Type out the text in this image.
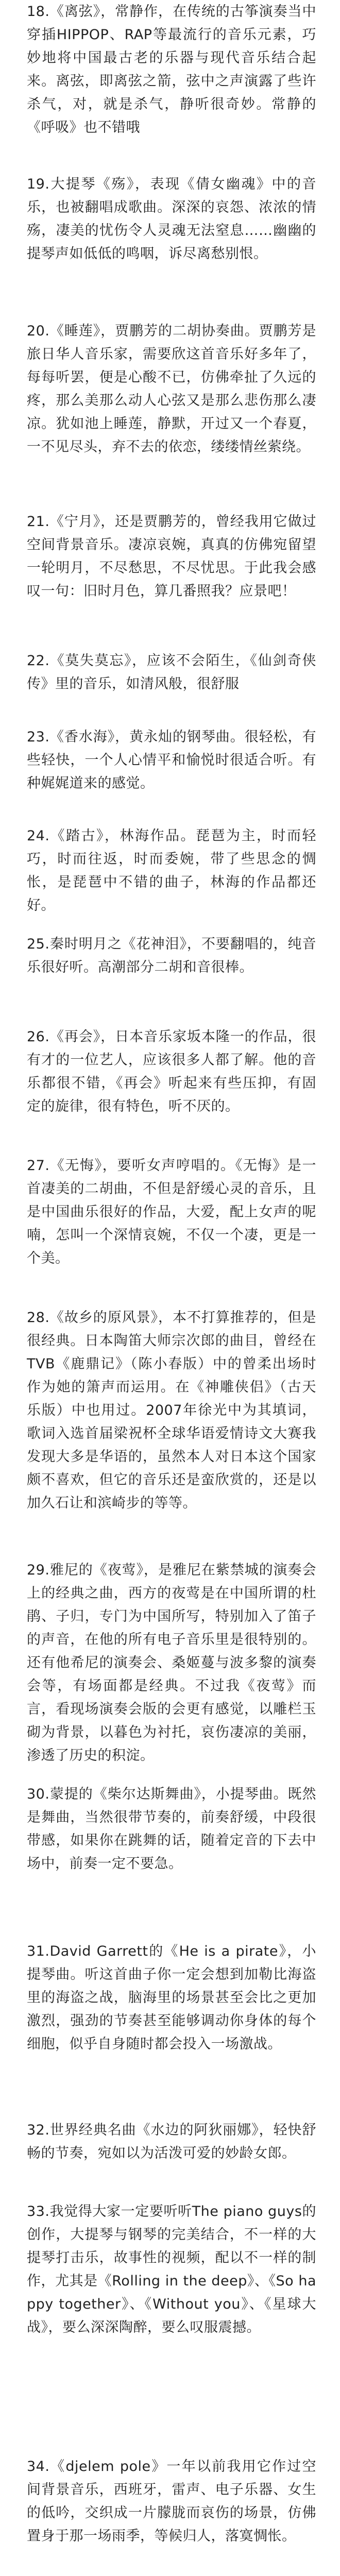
18.《离弦》，常静作，在传统的古筝演奏当中穿插HIPPOP、RAP等最流行的音乐元素，巧妙地将中国最古老的乐器与现代音乐结合起来。离弦，即离弦之箭，弦中之声演露了些许杀气，对，就是杀气，静听很奇妙。常静的《呼吸》也不错哦

19.大提琴《殇》，表现《倩女幽魂》中的音乐，也被翻唱成歌曲。深深的哀怨、浓浓的情殇，凄美的忧伤令人灵魂无法窒息……幽幽的提琴声如低低的鸣咽，诉尽离愁别恨。

20.《睡莲》，贾鹏芳的二胡协奏曲。贾鹏芳是旅日华人音乐家，需要欣这首音乐好多年了，每每听罢，便是心酸不已，仿佛牵扯了久远的疼，那么美那么动人心弦又是那么悲伤那么凄凉。犹如池上睡莲，静默，开过又一个春夏，一不见尽头，弃不去的依恋，缕缕情丝萦绕。

21.《宁月》，还是贾鹏芳的，曾经我用它做过空间背景音乐。凄凉哀婉，真真的仿佛宛留望一轮明月，不尽愁思，不尽忧思。于此我会感叹一句：旧时月色，算几番照我？应景吧！

22.《莫失莫忘》，应该不会陌生，《仙剑奇侠传》里的音乐，如清风般，很舒服

23.《香水海》，黄永灿的钢琴曲。很轻松，有些轻快，一个人心情平和愉悦时很适合听。有种娓娓道来的感觉。

24.《踏古》，林海作品。琵琶为主，时而轻巧，时而往返，时而委婉，带了些思念的惆怅，是琵琶中不错的曲子，林海的作品都还好。

25.秦时明月之《花神泪》，不要翻唱的，纯音乐很好听。高潮部分二胡和音很棒。

26.《再会》，日本音乐家坂本隆一的作品，很有才的一位艺人，应该很多人都了解。他的音乐都很不错，《再会》听起来有些压抑，有固定的旋律，很有特色，听不厌的。

27.《无悔》，要听女声哼唱的。《无悔》是一首凄美的二胡曲，不但是舒缓心灵的音乐，且是中国曲乐很好的作品，大爱，配上女声的呢喃，怎叫一个深情哀婉，不仅一个凄，更是一个美。

28.《故乡的原风景》，本不打算推荐的，但是很经典。日本陶笛大师宗次郎的曲目，曾经在TVB《鹿鼎记》（陈小春版）中的曾柔出场时作为她的箫声而运用。在《神雕侠侣》（古天乐版）中也用过。2007年徐光中为其填词，歌词入选首届梁祝杯全球华语爱情诗文大赛我发现大多是华语的，虽然本人对日本这个国家颇不喜欢，但它的音乐还是蛮欣赏的，还是以加久石让和滨崎步的等等。

29.雅尼的《夜莺》，是雅尼在紫禁城的演奏会上的经典之曲，西方的夜莺是在中国所谓的杜鹃、子归，专门为中国所写，特别加入了笛子的声音，在他的所有电子音乐里是很特别的。还有他希尼的演奏会、桑姬蔓与波多黎的演奏会等，有场面都是经典。不过我《夜莺》而言，看现场演奏会版的会更有感觉，以雕栏玉砌为背景，以暮色为衬托，哀伤凄凉的美丽，渗透了历史的积淀。

30.蒙提的《柴尔达斯舞曲》，小提琴曲。既然是舞曲，当然很带节奏的，前奏舒缓，中段很带感，如果你在跳舞的话，随着定音的下去中场中，前奏一定不要急。

31.David Garrett的《He is a pirate》，小提琴曲。听这首曲子你一定会想到加勒比海盗里的海盗之战，脑海里的场景甚至会比之更加激烈，强劲的节奏甚至能够调动你身体的每个细胞，似乎自身随时都会投入一场激战。

32.世界经典名曲《水边的阿狄丽娜》，轻快舒畅的节奏，宛如以为活泼可爱的妙龄女郎。

33.我觉得大家一定要听听The piano guys的创作，大提琴与钢琴的完美结合，不一样的大提琴打击乐，故事性的视频，配以不一样的制作，尤其是《Rolling in the deep》、《So happy together》、《Without you》、《星球大战》，要么深深陶醉，要么叹服震撼。

34.《djelem pole》一年以前我用它作过空间背景音乐，西班牙，雷声、电子乐器、女生的低吟，交织成一片朦胧而哀伤的场景，仿佛置身于那一场雨季，等候归人，落寞惆怅。
